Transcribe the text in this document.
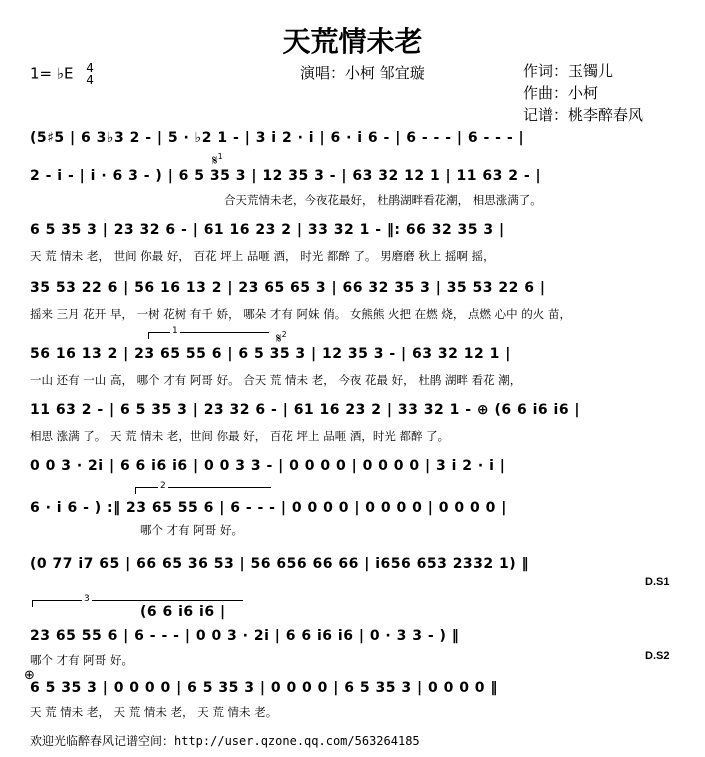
天荒情未老
1= ♭E 4
4	演唱：小柯 邹宜璇	作词：玉镯儿
作曲：小柯
记谱：桃李醉春风
(5♯5 | 6 3♭3 2 - | 5 · ♭2 1 - | 3 i 2 · i | 6 · i 6 - | 6 - - - | 6 - - - |
2 - i - | i · 6 3 - ) | 6 5 35 3 | 12 35 3 - | 63 32 12 1 | 11 63 2 - |
𝄋$^1$
合天荒情未老，今夜花最好， 杜鹃湖畔看花潮， 相思涨满了。
6 5 35 3 | 23 32 6 - | 61 16 23 2 | 33 32 1 - ‖: 66 32 35 3 |
天 荒 情未 老， 世间 你最 好， 百花 坪上 品咂 酒， 时光 都醉 了。 男磨磨 秋上 摇啊 摇，
35 53 22 6 | 56 16 13 2 | 23 65 65 3 | 66 32 35 3 | 35 53 22 6 |
摇来 三月 花开 早， 一树 花树 有千 娇， 哪朵 才有 阿妹 俏。 女熊熊 火把 在燃 烧， 点燃 心中 的火 苗，
1
𝄋$^2$
56 16 13 2 | 23 65 55 6 | 6 5 35 3 | 12 35 3 - | 63 32 12 1 |
一山 还有 一山 高， 哪个 才有 阿哥 好。 合天 荒 情未 老， 今夜 花最 好， 杜鹃 湖畔 看花 潮，
11 63 2 - | 6 5 35 3 | 23 32 6 - | 61 16 23 2 | 33 32 1 - ⊕ (6 6 i6 i6 |
相思 涨满 了。 天 荒 情未 老，世间 你最 好， 百花 坪上 品咂 酒，时光 都醉 了。
0 0 3 · 2i | 6 6 i6 i6 | 0 0 3 3 - | 0 0 0 0 | 0 0 0 0 | 3 i 2 · i |
2
6 · i 6 - ) :‖ 23 65 55 6 | 6 - - - | 0 0 0 0 | 0 0 0 0 | 0 0 0 0 |
哪个 才有 阿哥 好。
(0 77 i7 65 | 66 65 36 53 | 56 656 66 66 | i656 653 2332 1) ‖
D.S1
3
(6 6 i6 i6 |
23 65 55 6 | 6 - - - | 0 0 3 · 2i | 6 6 i6 i6 | 0 · 3 3 - ) ‖
哪个 才有 阿哥 好。	D.S2
⊕
6 5 35 3 | 0 0 0 0 | 6 5 35 3 | 0 0 0 0 | 6 5 35 3 | 0 0 0 0 ‖
天 荒 情未 老， 天 荒 情未 老， 天 荒 情未 老。
欢迎光临醉春风记谱空间：http://user.qzone.qq.com/563264185
